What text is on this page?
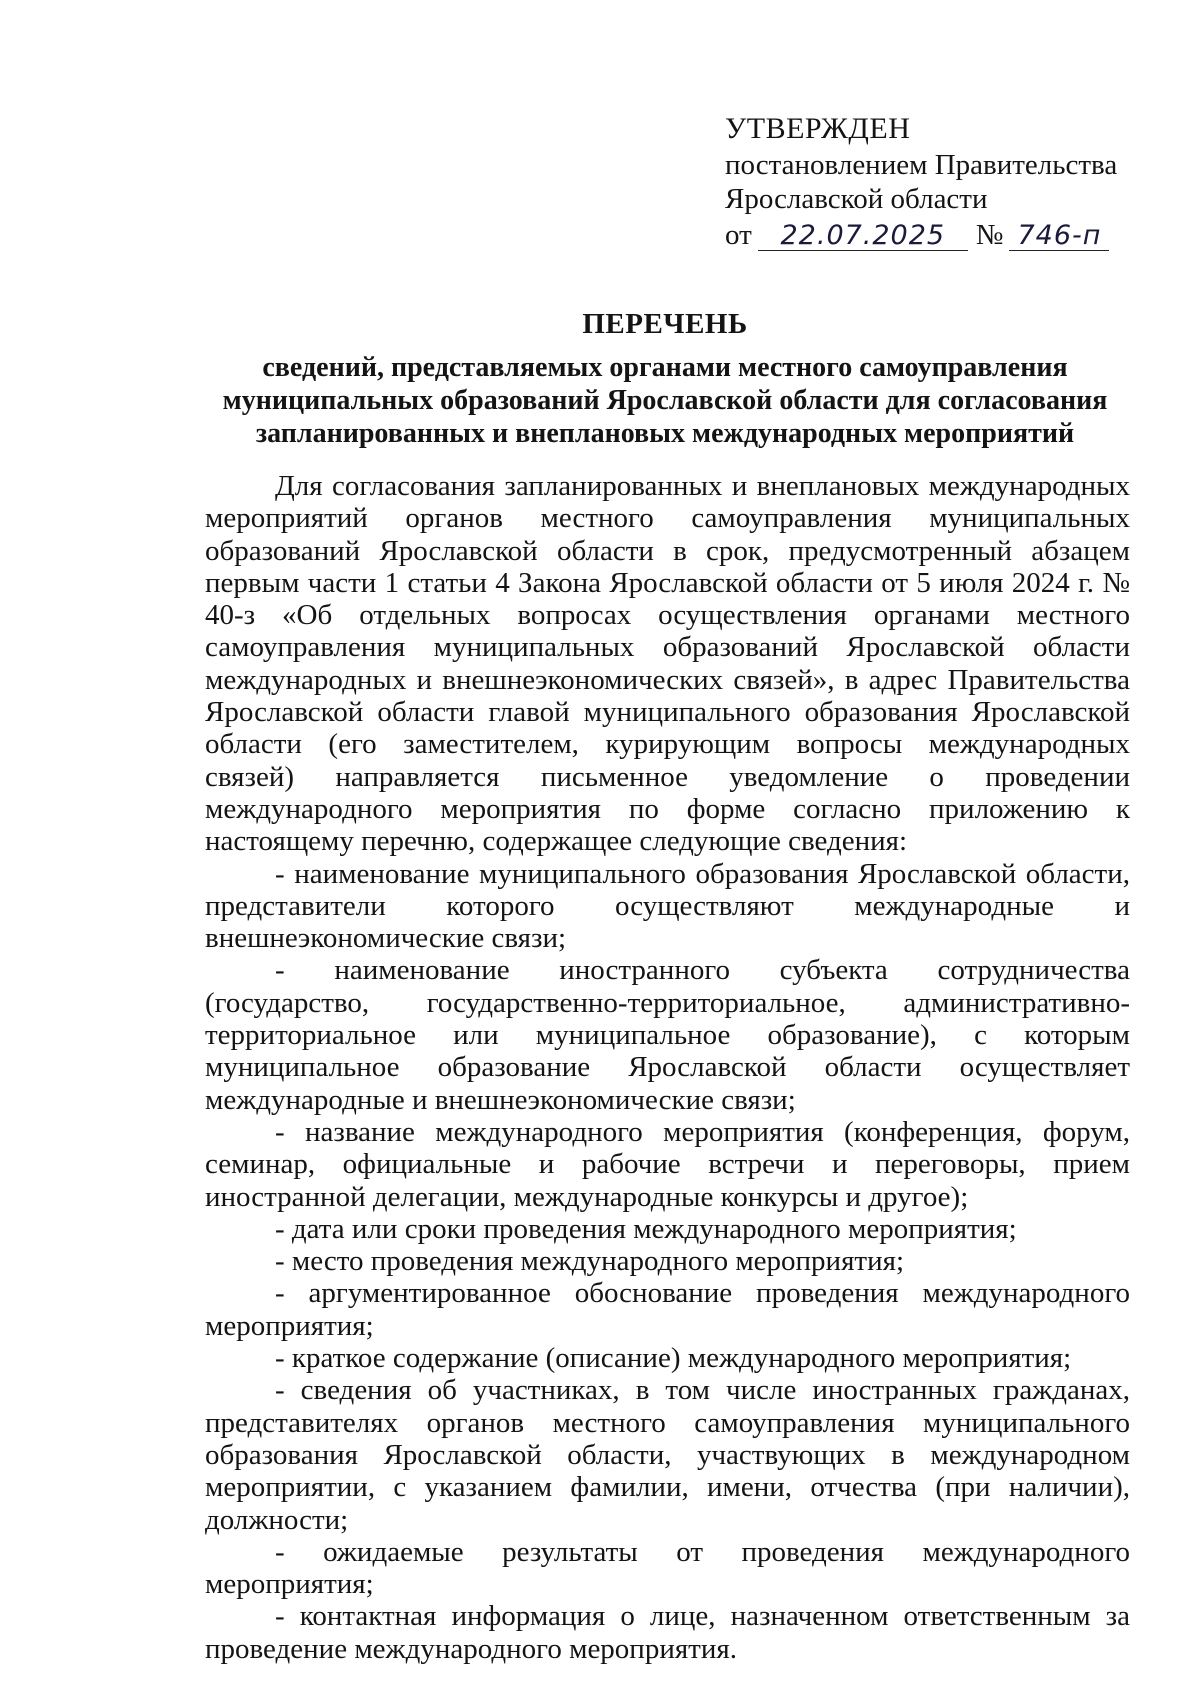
УТВЕРЖДЕН
постановлением Правительства
Ярославской области
от 22.07.2025 № 746-п
ПЕРЕЧЕНЬ
сведений, представляемых органами местного самоуправления муниципальных образований Ярославской области для согласования запланированных и внеплановых международных мероприятий

Для согласования запланированных и внеплановых международных мероприятий органов местного самоуправления муниципальных образований Ярославской области в срок, предусмотренный абзацем первым части 1 статьи 4 Закона Ярославской области от 5 июля 2024 г. № 40-з «Об отдельных вопросах осуществления органами местного самоуправления муниципальных образований Ярославской области международных и внешнеэкономических связей», в адрес Правительства Ярославской области главой муниципального образования Ярославской области (его заместителем, курирующим вопросы международных связей) направляется письменное уведомление о проведении международного мероприятия по форме согласно приложению к настоящему перечню, содержащее следующие сведения:

- наименование муниципального образования Ярославской области, представители которого осуществляют международные и внешнеэкономические связи;

- наименование иностранного субъекта сотрудничества (государство, государственно-территориальное, административно-территориальное или муниципальное образование), с которым муниципальное образование Ярославской области осуществляет международные и внешнеэкономические связи;

- название международного мероприятия (конференция, форум, семинар, официальные и рабочие встречи и переговоры, прием иностранной делегации, международные конкурсы и другое);

- дата или сроки проведения международного мероприятия;

- место проведения международного мероприятия;

- аргументированное обоснование проведения международного мероприятия;

- краткое содержание (описание) международного мероприятия;

- сведения об участниках, в том числе иностранных гражданах, представителях органов местного самоуправления муниципального образования Ярославской области, участвующих в международном мероприятии, с указанием фамилии, имени, отчества (при наличии), должности;

- ожидаемые результаты от проведения международного мероприятия;

- контактная информация о лице, назначенном ответственным за проведение международного мероприятия.
